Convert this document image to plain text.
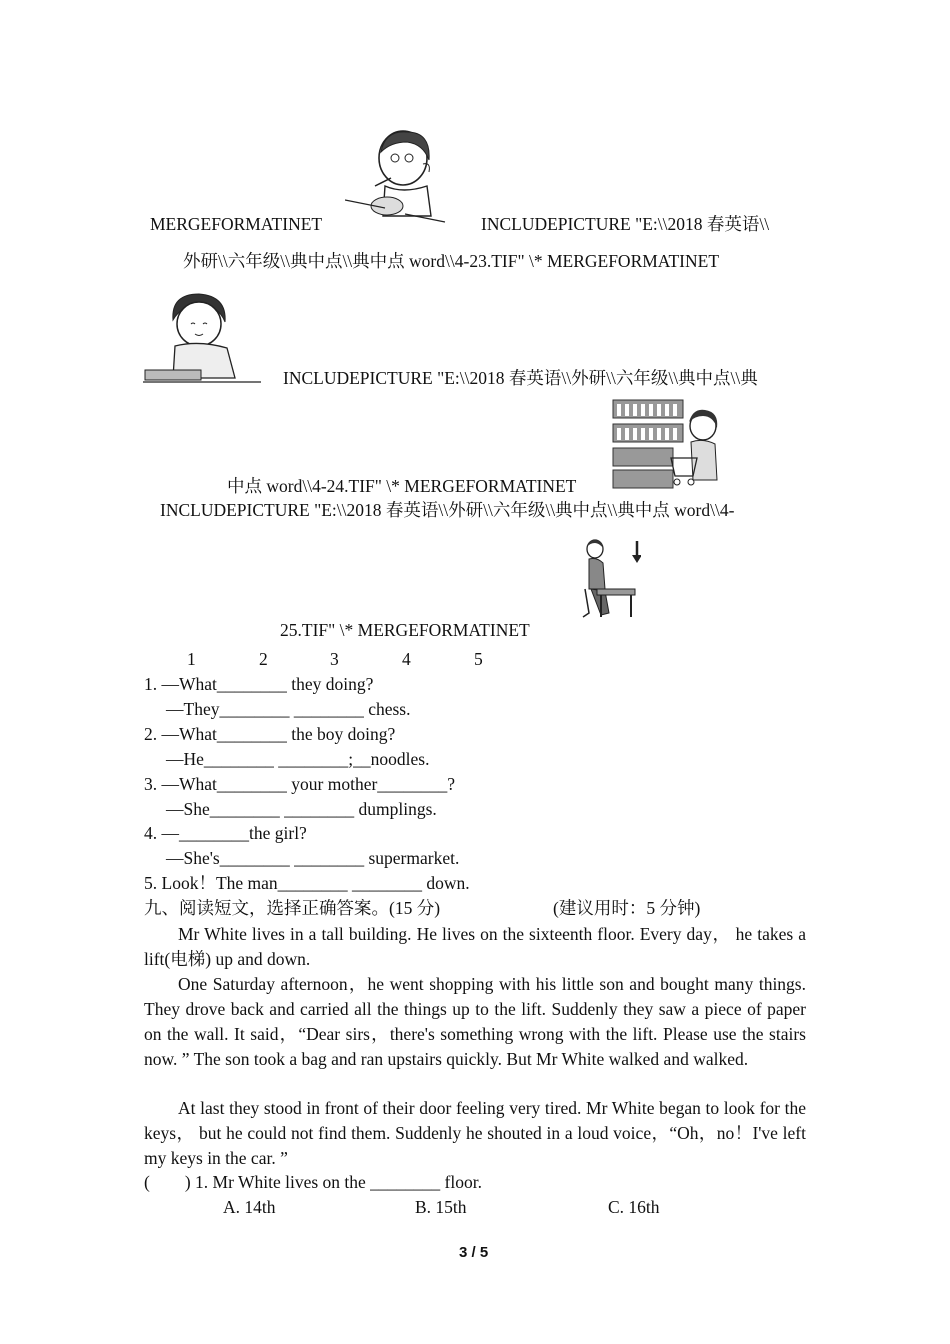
MERGEFORMATINET	INCLUDEPICTURE "E:\\2018 春英语\\
外研\\六年级\\典中点\\典中点 word\\4-23.TIF" \* MERGEFORMATINET
INCLUDEPICTURE "E:\\2018 春英语\\外研\\六年级\\典中点\\典
中点 word\\4-24.TIF" \* MERGEFORMATINET
INCLUDEPICTURE "E:\\2018 春英语\\外研\\六年级\\典中点\\典中点 word\\4-
25.TIF" \* MERGEFORMATINET
1	2	3	4	5
1. —What________ they doing?
—They________ ________ chess.
2. —What________ the boy doing?
—He________ ________;__noodles.
3. —What________ your mother________?
—She________ ________ dumplings.
4. —________the girl?
—She's________ ________ supermarket.
5. Look！The man________ ________ down.
九、阅读短文，选择正确答案。(15 分)	(建议用时：5 分钟)
Mr White lives in a tall building. He lives on the sixteenth floor. Every day， he takes a lift(电梯) up and down.
One Saturday afternoon，he went shopping with his little son and bought many things. They drove back and carried all the things up to the lift. Suddenly they saw a piece of paper on the wall. It said，“Dear sirs，there's something wrong with the lift. Please use the stairs now. ” The son took a bag and ran upstairs quickly. But Mr White walked and walked.
At last they stood in front of their door feeling very tired. Mr White began to look for the keys， but he could not find them. Suddenly he shouted in a loud voice，“Oh，no！I've left my keys in the car. ”
(        ) 1. Mr White lives on the ________ floor.
A. 14th	B. 15th	C. 16th
3 / 5
